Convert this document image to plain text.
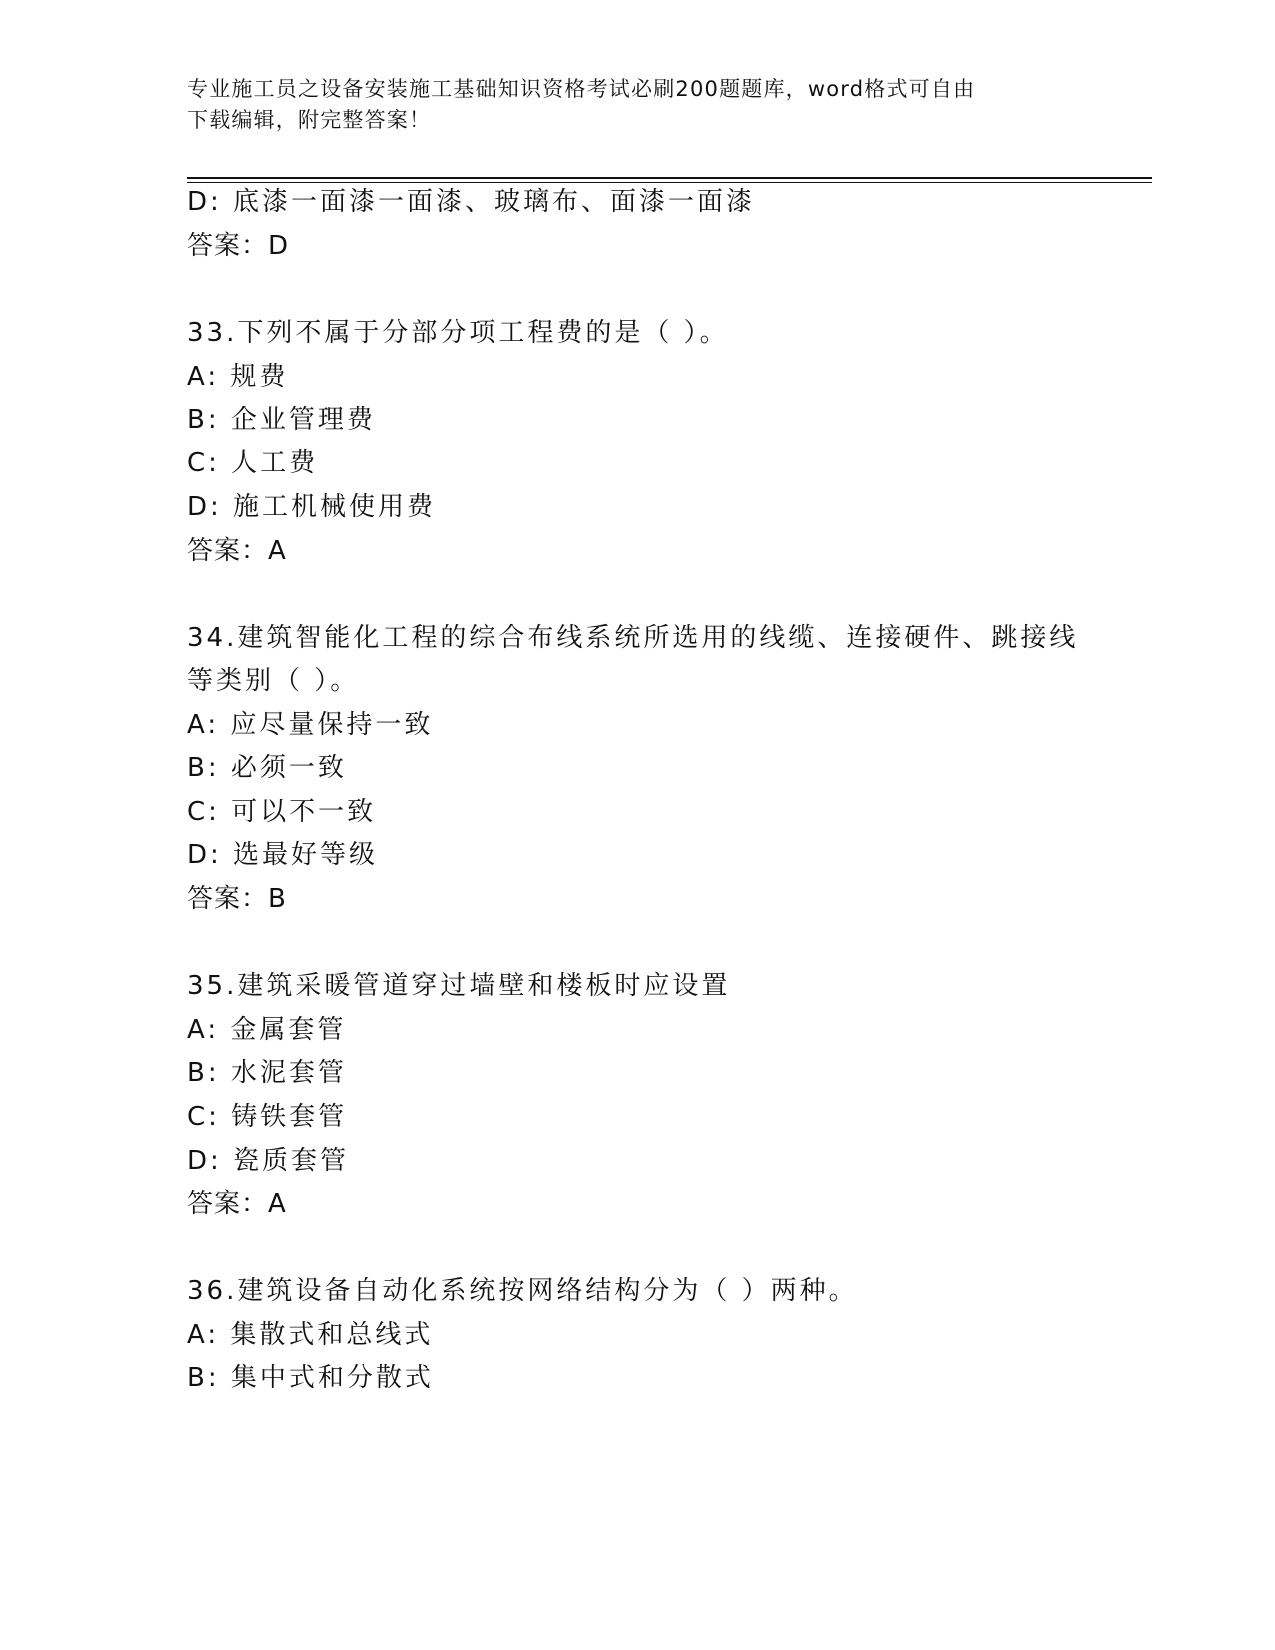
专业施工员之设备安装施工基础知识资格考试必刷200题题库，word格式可自由
下载编辑，附完整答案！
D: 底漆一面漆一面漆、玻璃布、面漆一面漆
答案：D
33.下列不属于分部分项工程费的是（ ）。
A: 规费
B: 企业管理费
C: 人工费
D: 施工机械使用费
答案：A
34.建筑智能化工程的综合布线系统所选用的线缆、连接硬件、跳接线
等类别（ ）。
A: 应尽量保持一致
B: 必须一致
C: 可以不一致
D: 选最好等级
答案：B
35.建筑采暖管道穿过墙壁和楼板时应设置
A: 金属套管
B: 水泥套管
C: 铸铁套管
D: 瓷质套管
答案：A
36.建筑设备自动化系统按网络结构分为（ ）两种。
A: 集散式和总线式
B: 集中式和分散式
